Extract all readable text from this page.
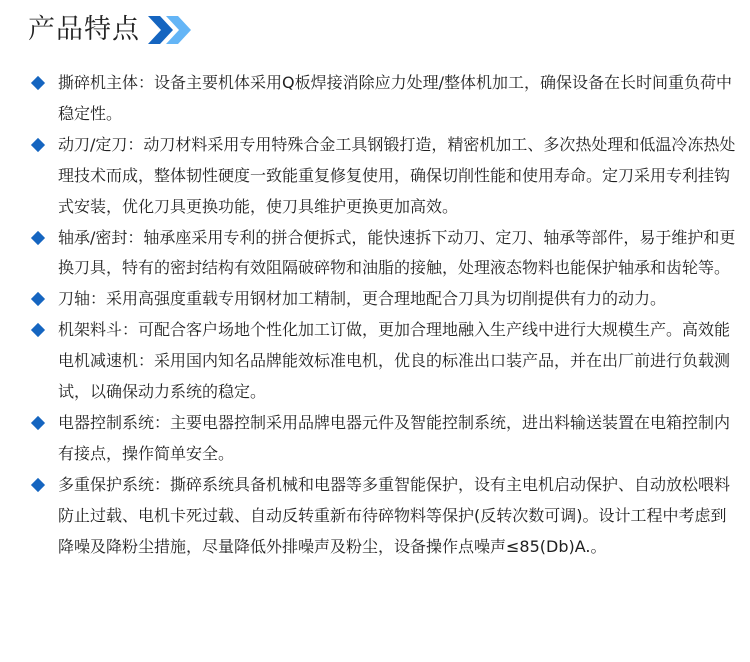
产品特点
撕碎机主体：设备主要机体采用Q板焊接消除应力处理/整体机加工，确保设备在长时间重负荷中稳定性。
动刀/定刀：动刀材料采用专用特殊合金工具钢锻打造，精密机加工、多次热处理和低温冷冻热处理技术而成，整体韧性硬度一致能重复修复使用，确保切削性能和使用寿命。定刀采用专利挂钩式安装，优化刀具更换功能，使刀具维护更换更加高效。
轴承/密封：轴承座采用专利的拼合便拆式，能快速拆下动刀、定刀、轴承等部件，易于维护和更换刀具，特有的密封结构有效阻隔破碎物和油脂的接触，处理液态物料也能保护轴承和齿轮等。
刀轴：采用高强度重载专用钢材加工精制，更合理地配合刀具为切削提供有力的动力。
机架料斗：可配合客户场地个性化加工订做，更加合理地融入生产线中进行大规模生产。高效能电机减速机：采用国内知名品牌能效标准电机，优良的标准出口装产品，并在出厂前进行负载测试，以确保动力系统的稳定。
电器控制系统：主要电器控制采用品牌电器元件及智能控制系统，进出料输送装置在电箱控制内有接点，操作简单安全。
多重保护系统：撕碎系统具备机械和电器等多重智能保护，设有主电机启动保护、自动放松喂料防止过载、电机卡死过载、自动反转重新布待碎物料等保护(反转次数可调)。设计工程中考虑到降噪及降粉尘措施，尽量降低外排噪声及粉尘，设备操作点噪声≤85(Db)A.。
